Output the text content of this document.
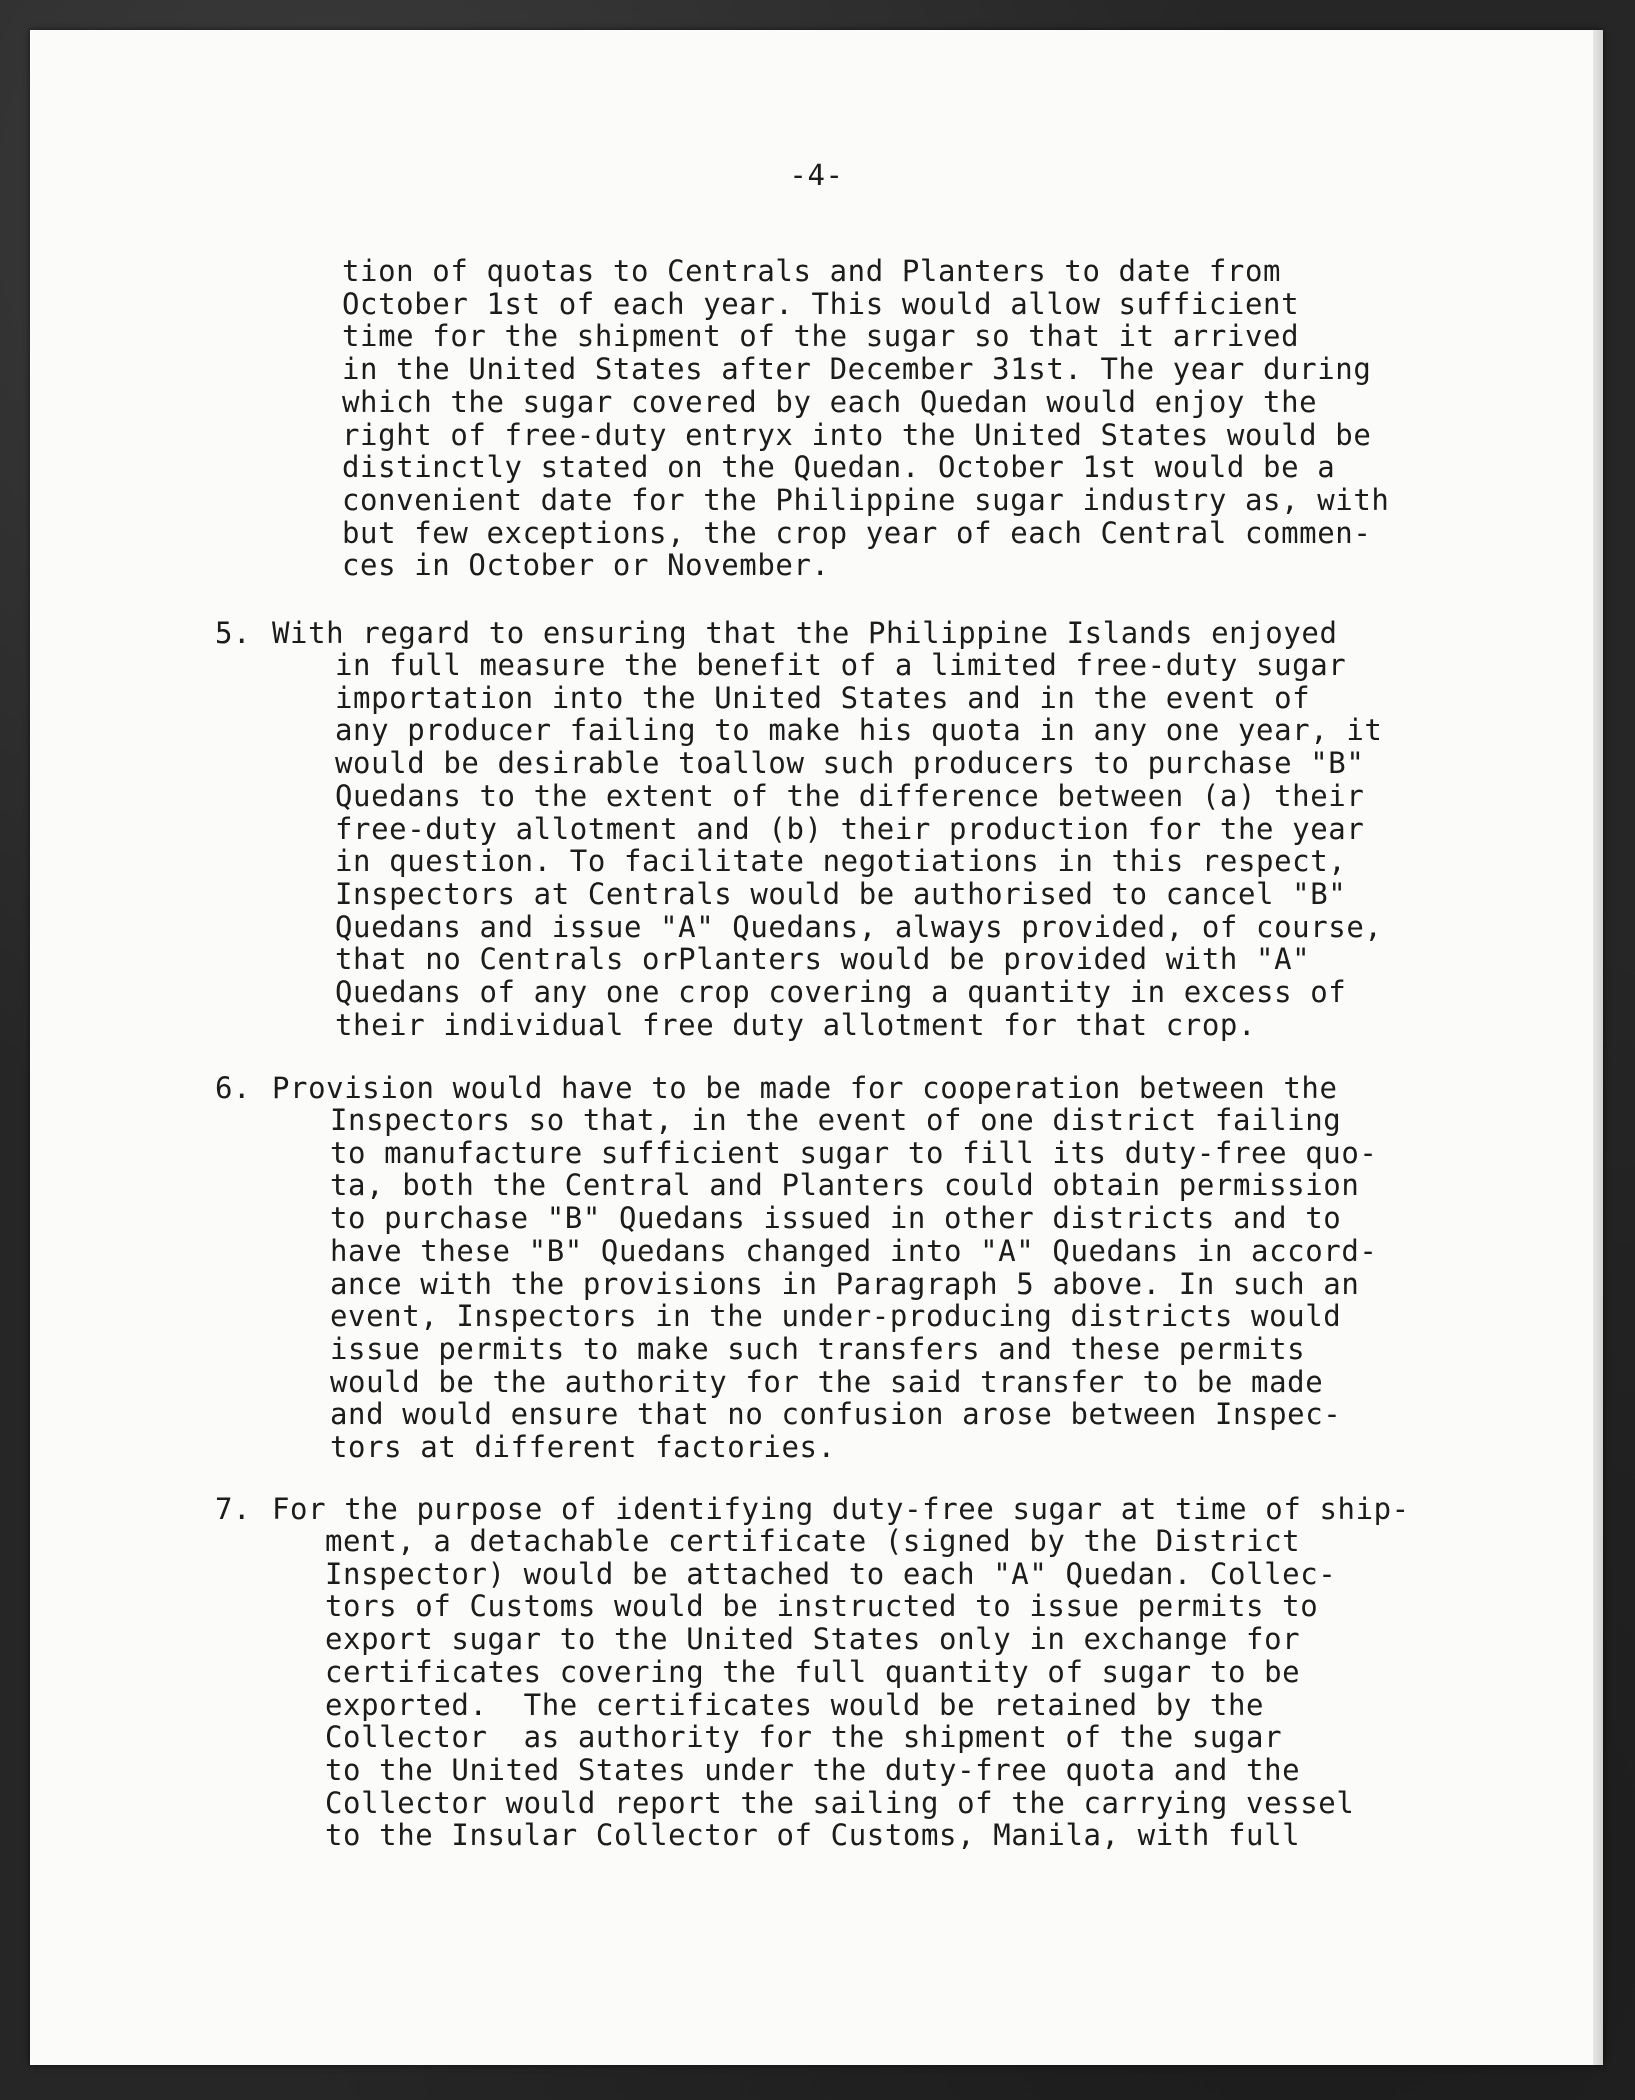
-4-
tion of quotas to Centrals and Planters to date from
October 1st of each year. This would allow sufficient
time for the shipment of the sugar so that it arrived
in the United States after December 31st. The year during
which the sugar covered by each Quedan would enjoy the
right of free-duty entryx into the United States would be
distinctly stated on the Quedan. October 1st would be a
convenient date for the Philippine sugar industry as, with
but few exceptions, the crop year of each Central commen-
ces in October or November.
5. With regard to ensuring that the Philippine Islands enjoyed
in full measure the benefit of a limited free-duty sugar
importation into the United States and in the event of
any producer failing to make his quota in any one year, it
would be desirable toallow such producers to purchase "B"
Quedans to the extent of the difference between (a) their
free-duty allotment and (b) their production for the year
in question. To facilitate negotiations in this respect,
Inspectors at Centrals would be authorised to cancel "B"
Quedans and issue "A" Quedans, always provided, of course,
that no Centrals orPlanters would be provided with "A"
Quedans of any one crop covering a quantity in excess of
their individual free duty allotment for that crop.
6. Provision would have to be made for cooperation between the
Inspectors so that, in the event of one district failing
to manufacture sufficient sugar to fill its duty-free quo-
ta, both the Central and Planters could obtain permission
to purchase "B" Quedans issued in other districts and to
have these "B" Quedans changed into "A" Quedans in accord-
ance with the provisions in Paragraph 5 above. In such an
event, Inspectors in the under-producing districts would
issue permits to make such transfers and these permits
would be the authority for the said transfer to be made
and would ensure that no confusion arose between Inspec-
tors at different factories.
7. For the purpose of identifying duty-free sugar at time of ship-
ment, a detachable certificate (signed by the District
Inspector) would be attached to each "A" Quedan. Collec-
tors of Customs would be instructed to issue permits to
export sugar to the United States only in exchange for
certificates covering the full quantity of sugar to be
exported.  The certificates would be retained by the
Collector  as authority for the shipment of the sugar
to the United States under the duty-free quota and the
Collector would report the sailing of the carrying vessel
to the Insular Collector of Customs, Manila, with full
